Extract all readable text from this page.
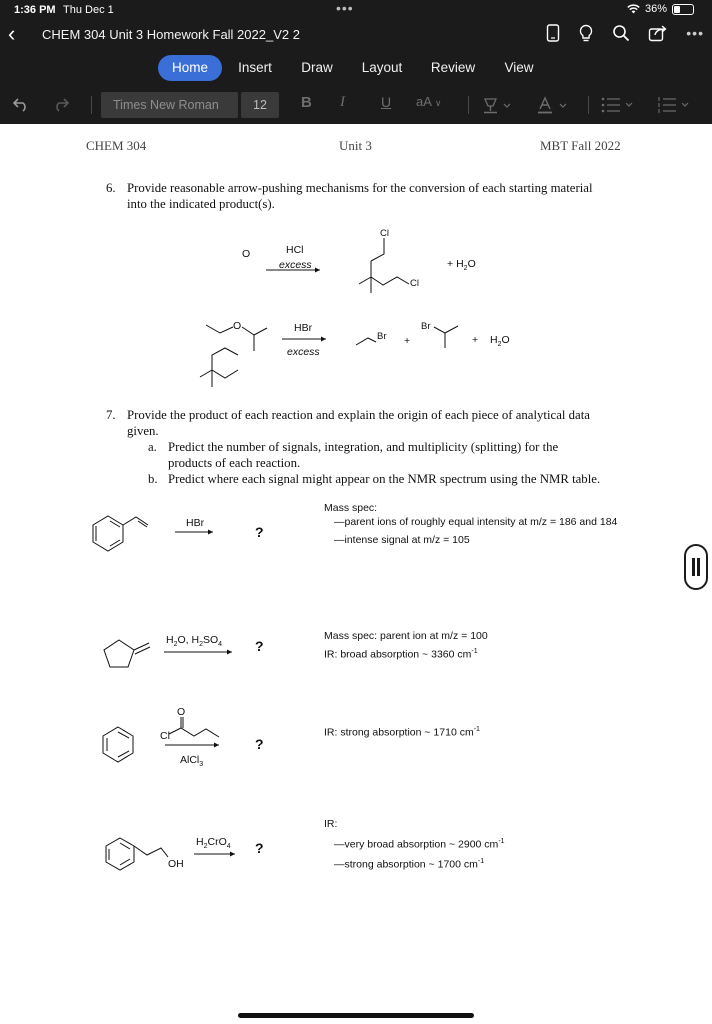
1:36 PM Thu Dec 1	•••	36%
‹ CHEM 304 Unit 3 Homework Fall 2022_V2 2	•••
Home	Insert	Draw	Layout	Review	View
Times New Roman	12	B I	U aA ∨
CHEM 304	Unit 3	MBT Fall 2022
6. Provide reasonable arrow-pushing mechanisms for the conversion of each starting material
into the indicated product(s).
O	HCl
excess
Cl
Cl
+ $H_2O$
O	HBr
excess
Br +
Br
+ $H_2O$
7. Provide the product of each reaction and explain the origin of each piece of analytical data
given.
a. Predict the number of signals, integration, and multiplicity (splitting) for the
products of each reaction.
b. Predict where each signal might appear on the NMR spectrum using the NMR table.
HBr
?
Mass spec:
—parent ions of roughly equal intensity at m/z = 186 and 184
—intense signal at m/z = 105
$H_2O$, $H_2SO_4$ ?
Mass spec: parent ion at m/z = 100
IR: broad absorption ~ 3360 $cm^{-1}$
O
Cl
AlCl$_3$
?
IR: strong absorption ~ 1710 $cm^{-1}$
$H_2CrO_4$
OH
?
IR:
—very broad absorption ~ 2900 $cm^{-1}$
—strong absorption ~ 1700 $cm^{-1}$
